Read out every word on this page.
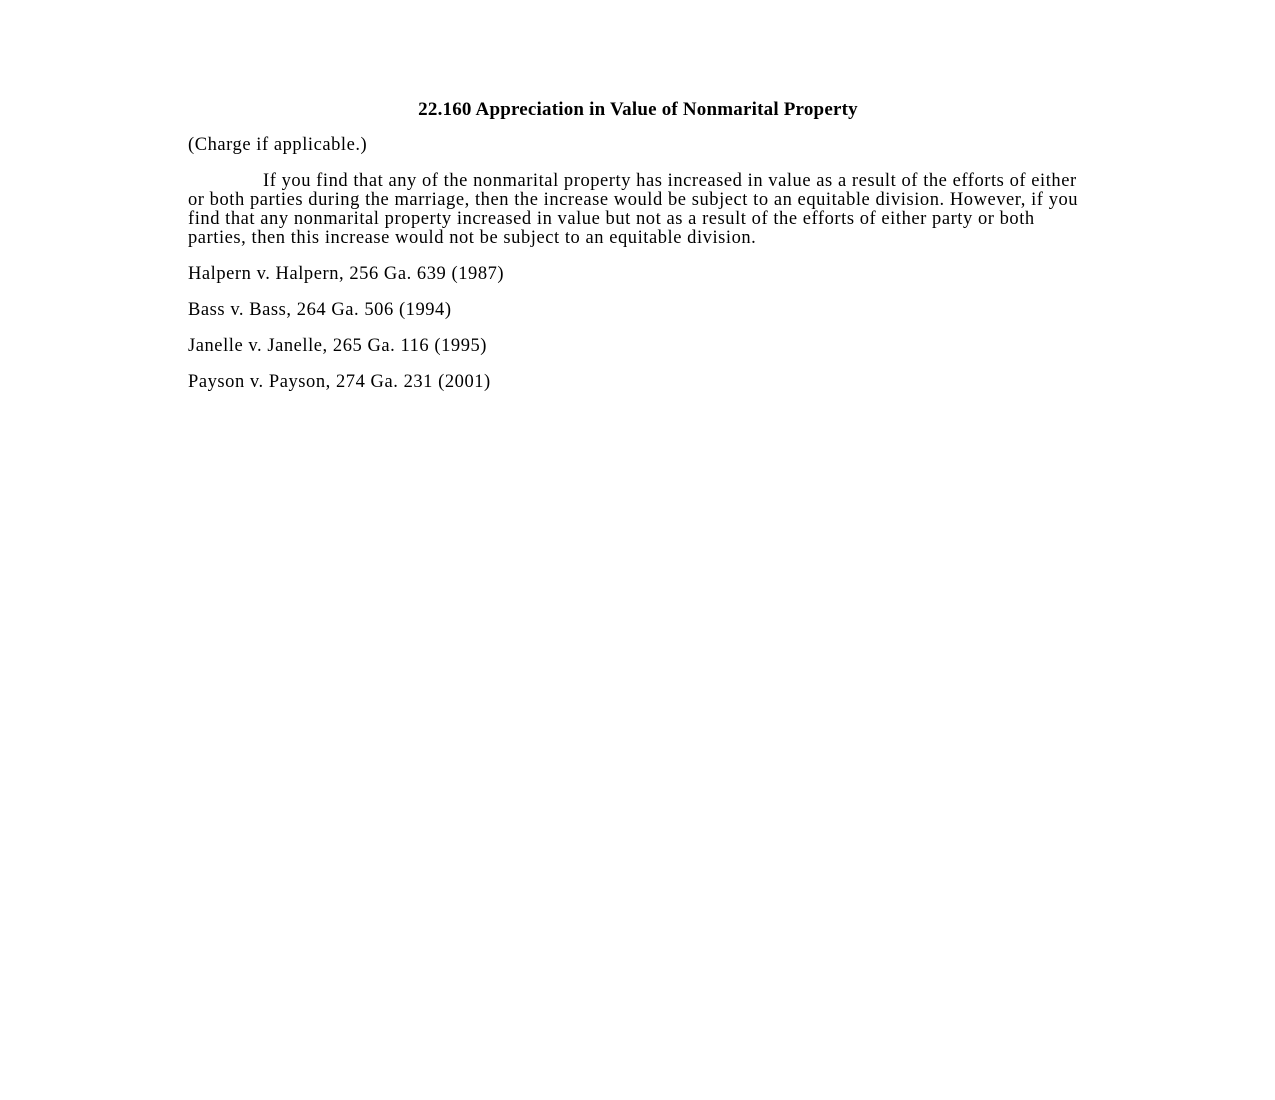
22.160 Appreciation in Value of Nonmarital Property

(Charge if applicable.)

If you find that any of the nonmarital property has increased in value as a result of the efforts of either or both parties during the marriage, then the increase would be subject to an equitable division. However, if you find that any nonmarital property increased in value but not as a result of the efforts of either party or both parties, then this increase would not be subject to an equitable division.

Halpern v. Halpern, 256 Ga. 639 (1987)

Bass v. Bass, 264 Ga. 506 (1994)

Janelle v. Janelle, 265 Ga. 116 (1995)

Payson v. Payson, 274 Ga. 231 (2001)
